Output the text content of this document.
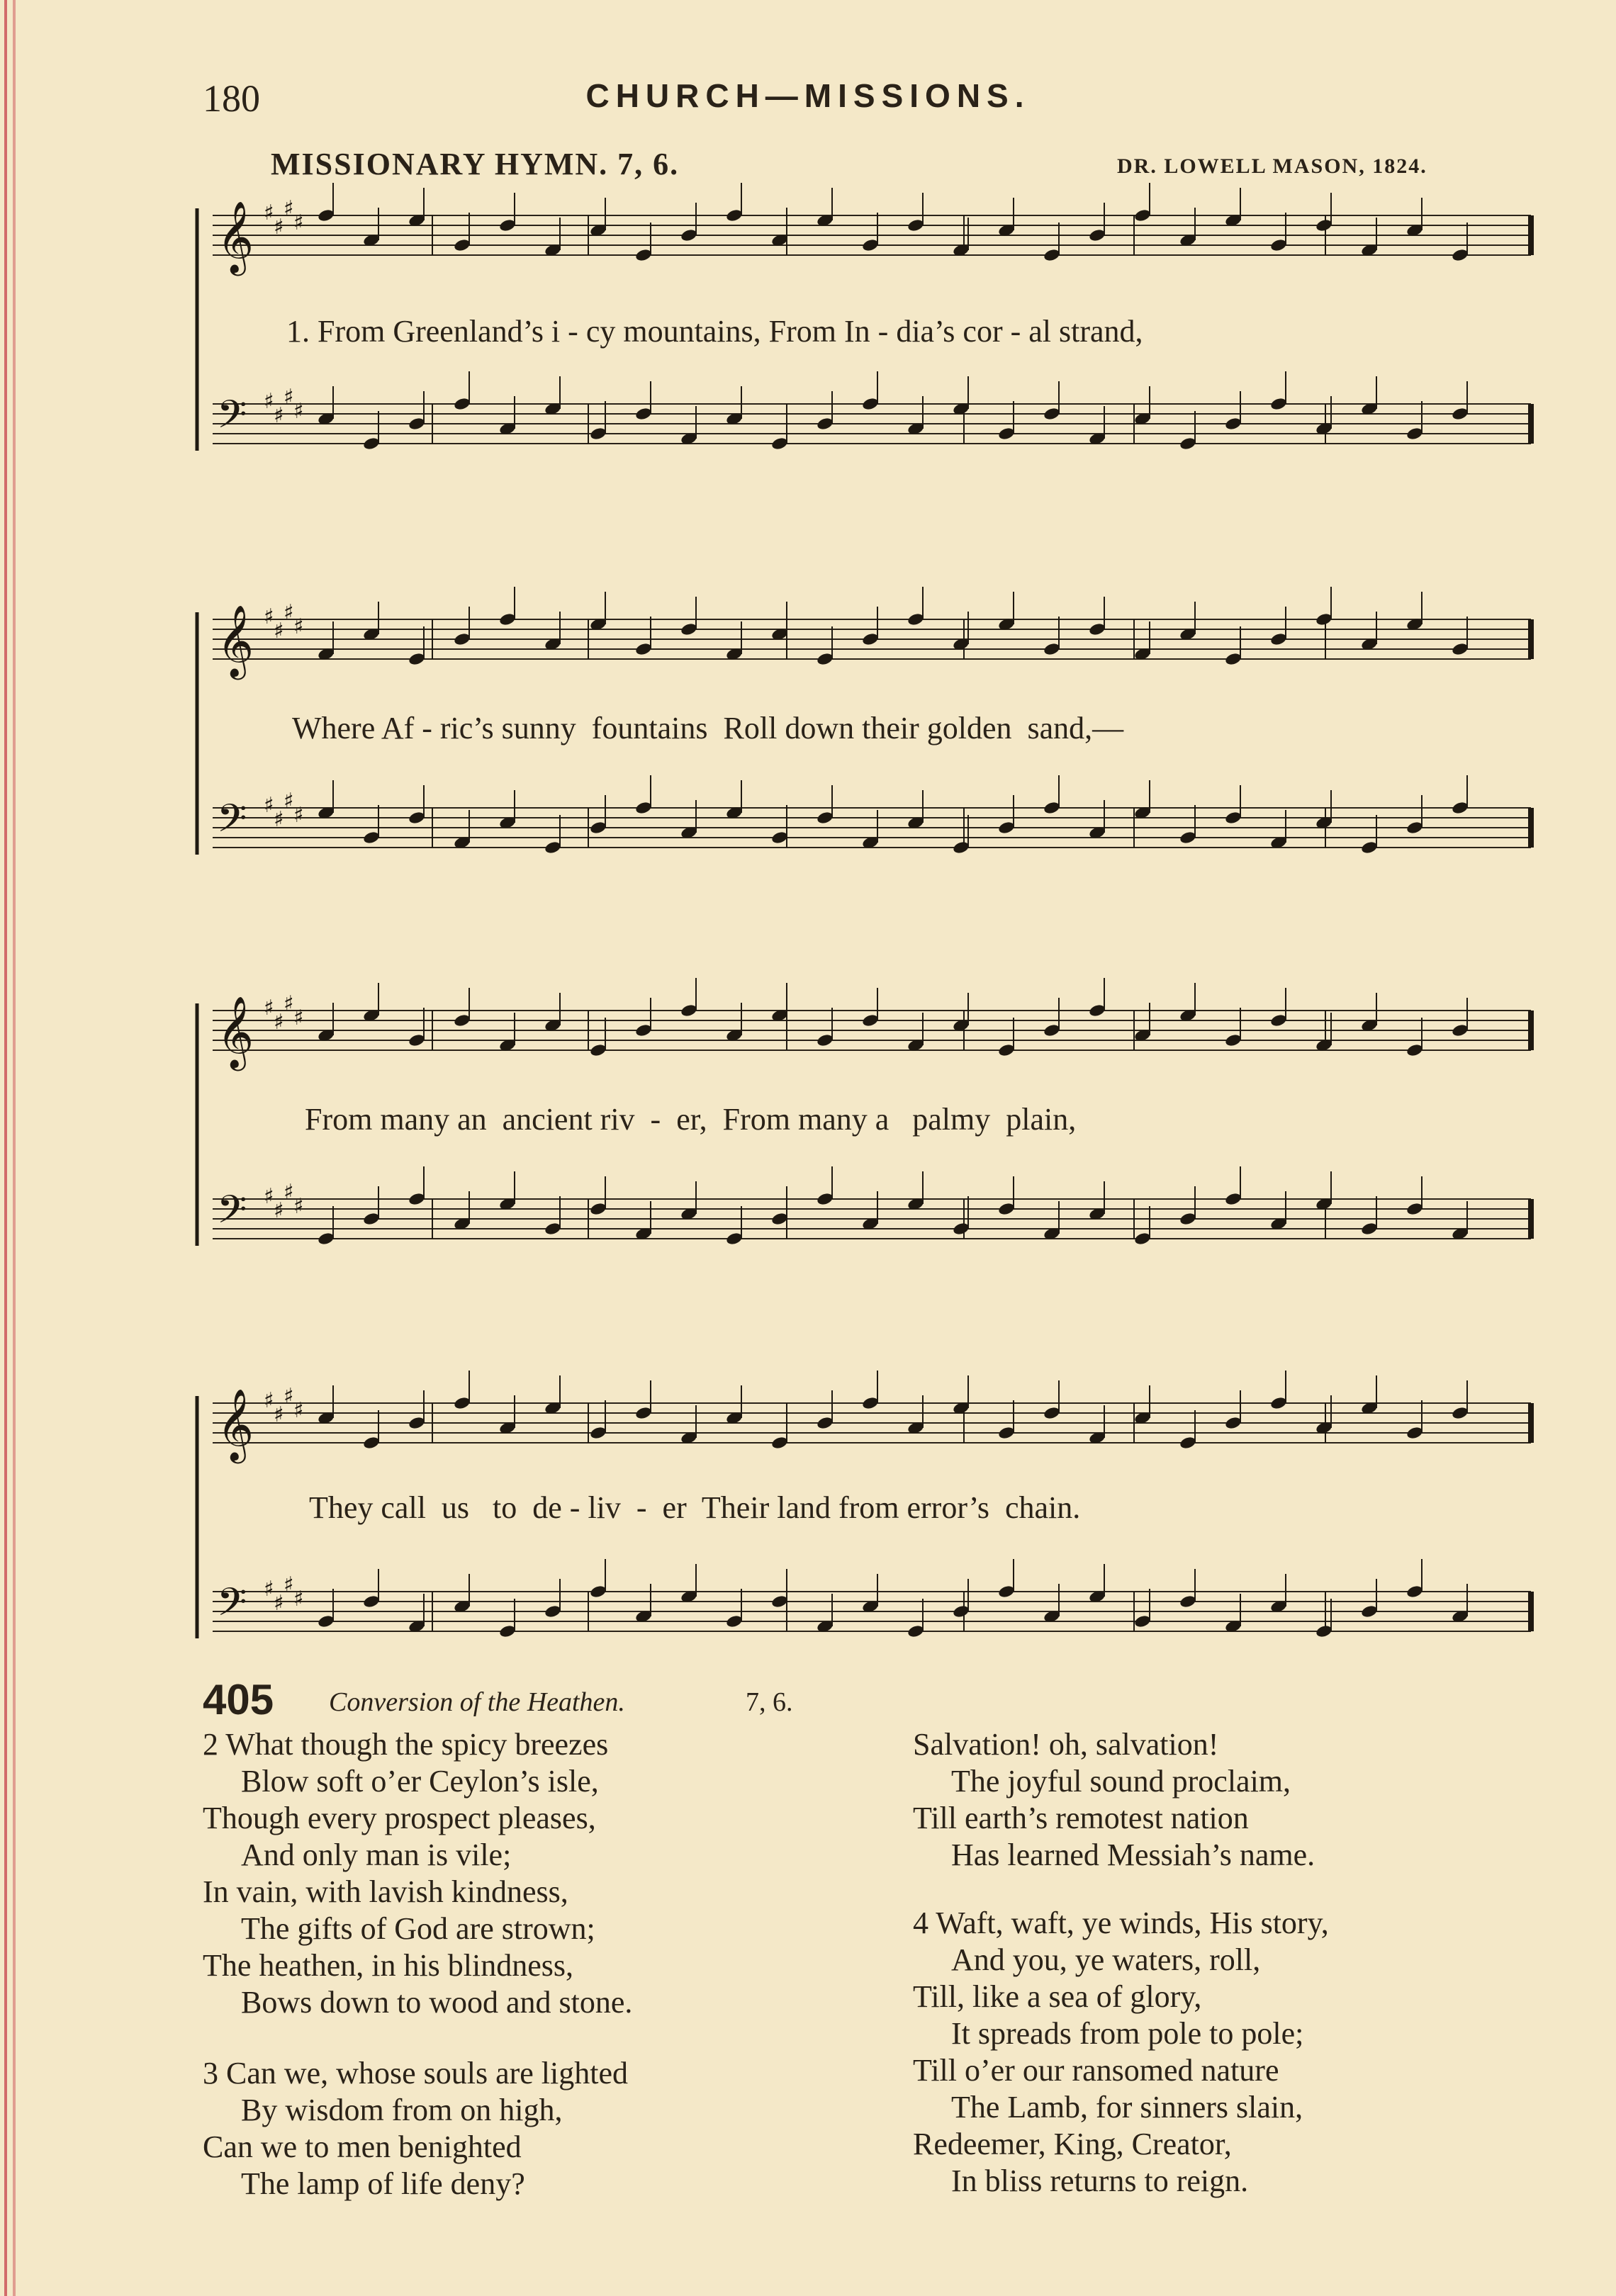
180	CHURCH—MISSIONS.
MISSIONARY HYMN. 7, 6.	DR. LOWELL MASON, 1824.
𝄞 ♯
♯
♯
♯
𝄢 ♯
♯
♯
♯
1. From Greenland’s i - cy mountains, From In - dia’s cor - al strand,
𝄞 ♯
♯
♯
♯
𝄢 ♯
♯
♯
♯
Where Af - ric’s sunny  fountains  Roll down their golden  sand,—
𝄞 ♯
♯
♯
♯
𝄢 ♯
♯
♯
♯
From many an  ancient riv  -  er,  From many a   palmy  plain,
𝄞 ♯
♯
♯
♯
𝄢 ♯
♯
♯
♯
They call  us   to  de - liv  -  er  Their land from error’s  chain.
405 Conversion of the Heathen.	7, 6.
2 What though the spicy breezes
Blow soft o’er Ceylon’s isle,
Though every prospect pleases,
And only man is vile;
In vain, with lavish kindness,
The gifts of God are strown;
The heathen, in his blindness,
Bows down to wood and stone.
3 Can we, whose souls are lighted
By wisdom from on high,
Can we to men benighted
The lamp of life deny?
Salvation! oh, salvation!
The joyful sound proclaim,
Till earth’s remotest nation
Has learned Messiah’s name.
4 Waft, waft, ye winds, His story,
And you, ye waters, roll,
Till, like a sea of glory,
It spreads from pole to pole;
Till o’er our ransomed nature
The Lamb, for sinners slain,
Redeemer, King, Creator,
In bliss returns to reign.
